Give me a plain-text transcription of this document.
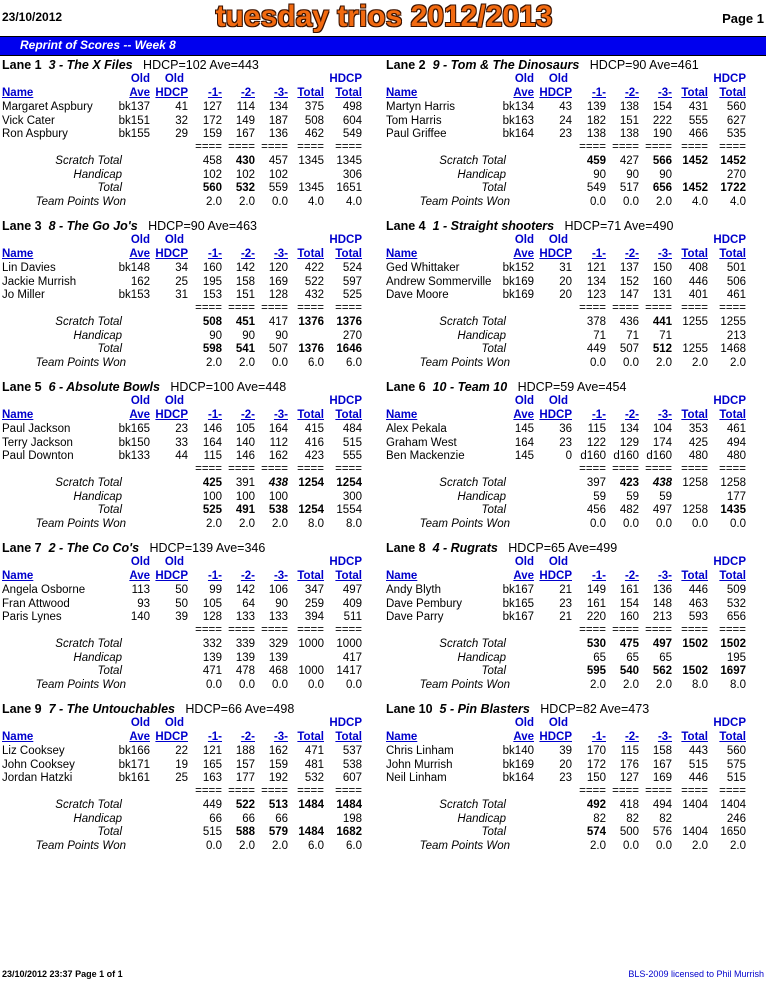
23/10/2012	tuesday trios 2012/2013	Page 1
Reprint of Scores -- Week 8
Lane 1 3 - The X Files HDCP=102 Ave=443
Old Old	HDCP
Name	Ave HDCP -1- -2- -3- Total Total
Margaret Aspbury bk137 41 127 114 134 375 498
Vick Cater	bk151 32 172 149 187 508 604
Ron Aspbury	bk155 29 159 167 136 462 549
==== ==== ==== ==== ====
Scratch Total	458 430 457 1345 1345
Handicap	102 102 102	306
Total	560 532 559 1345 1651
Team Points Won	2.0 2.0 0.0 4.0 4.0
Lane 2 9 - Tom & The Dinosaurs HDCP=90 Ave=461
Old Old	HDCP
Name	Ave HDCP -1- -2- -3- Total Total
Martyn Harris	bk134 43 139 138 154 431 560
Tom Harris	bk163 24 182 151 222 555 627
Paul Griffee	bk164 23 138 138 190 466 535
==== ==== ==== ==== ====
Scratch Total	459 427 566 1452 1452
Handicap	90 90 90	270
Total	549 517 656 1452 1722
Team Points Won	0.0 0.0 2.0 4.0 4.0
Lane 3 8 - The Go Jo's HDCP=90 Ave=463
Old Old	HDCP
Name	Ave HDCP -1- -2- -3- Total Total
Lin Davies	bk148 34 160 142 120 422 524
Jackie Murrish	162 25 195 158 169 522 597
Jo Miller	bk153 31 153 151 128 432 525
==== ==== ==== ==== ====
Scratch Total	508 451 417 1376 1376
Handicap	90 90 90	270
Total	598 541 507 1376 1646
Team Points Won	2.0 2.0 0.0 6.0 6.0
Lane 4 1 - Straight shooters HDCP=71 Ave=490
Old Old	HDCP
Name	Ave HDCP -1- -2- -3- Total Total
Ged Whittaker	bk152 31 121 137 150 408 501
Andrew Sommerville bk169 20 134 152 160 446 506
Dave Moore	bk169 20 123 147 131 401 461
==== ==== ==== ==== ====
Scratch Total	378 436 441 1255 1255
Handicap	71 71 71	213
Total	449 507 512 1255 1468
Team Points Won	0.0 0.0 2.0 2.0 2.0
Lane 5 6 - Absolute Bowls HDCP=100 Ave=448
Old Old	HDCP
Name	Ave HDCP -1- -2- -3- Total Total
Paul Jackson	bk165 23 146 105 164 415 484
Terry Jackson	bk150 33 164 140 112 416 515
Paul Downton	bk133 44 115 146 162 423 555
==== ==== ==== ==== ====
Scratch Total	425 391 438 1254 1254
Handicap	100 100 100	300
Total	525 491 538 1254 1554
Team Points Won	2.0 2.0 2.0 8.0 8.0
Lane 6 10 - Team 10 HDCP=59 Ave=454
Old Old	HDCP
Name	Ave HDCP -1- -2- -3- Total Total
Alex Pekala	145 36 115 134 104 353 461
Graham West	164 23 122 129 174 425 494
Ben Mackenzie	145	0 d160 d160 d160 480 480
==== ==== ==== ==== ====
Scratch Total	397 423 438 1258 1258
Handicap	59 59 59	177
Total	456 482 497 1258 1435
Team Points Won	0.0 0.0 0.0 0.0 0.0
Lane 7 2 - The Co Co's HDCP=139 Ave=346
Old Old	HDCP
Name	Ave HDCP -1- -2- -3- Total Total
Angela Osborne	113 50 99 142 106 347 497
Fran Attwood	93 50 105 64 90 259 409
Paris Lynes	140 39 128 133 133 394 511
==== ==== ==== ==== ====
Scratch Total	332 339 329 1000 1000
Handicap	139 139 139	417
Total	471 478 468 1000 1417
Team Points Won	0.0 0.0 0.0 0.0 0.0
Lane 8 4 - Rugrats HDCP=65 Ave=499
Old Old	HDCP
Name	Ave HDCP -1- -2- -3- Total Total
Andy Blyth	bk167 21 149 161 136 446 509
Dave Pembury	bk165 23 161 154 148 463 532
Dave Parry	bk167 21 220 160 213 593 656
==== ==== ==== ==== ====
Scratch Total	530 475 497 1502 1502
Handicap	65 65 65	195
Total	595 540 562 1502 1697
Team Points Won	2.0 2.0 2.0 8.0 8.0
Lane 9 7 - The Untouchables HDCP=66 Ave=498
Old Old	HDCP
Name	Ave HDCP -1- -2- -3- Total Total
Liz Cooksey	bk166 22 121 188 162 471 537
John Cooksey	bk171 19 165 157 159 481 538
Jordan Hatzki	bk161 25 163 177 192 532 607
==== ==== ==== ==== ====
Scratch Total	449 522 513 1484 1484
Handicap	66 66 66	198
Total	515 588 579 1484 1682
Team Points Won	0.0 2.0 2.0 6.0 6.0
Lane 10 5 - Pin Blasters HDCP=82 Ave=473
Old Old	HDCP
Name	Ave HDCP -1- -2- -3- Total Total
Chris Linham	bk140 39 170 115 158 443 560
John Murrish	bk169 20 172 176 167 515 575
Neil Linham	bk164 23 150 127 169 446 515
==== ==== ==== ==== ====
Scratch Total	492 418 494 1404 1404
Handicap	82 82 82	246
Total	574 500 576 1404 1650
Team Points Won	2.0 0.0 0.0 2.0 2.0
23/10/2012 23:37 Page 1 of 1	BLS-2009 licensed to Phil Murrish
